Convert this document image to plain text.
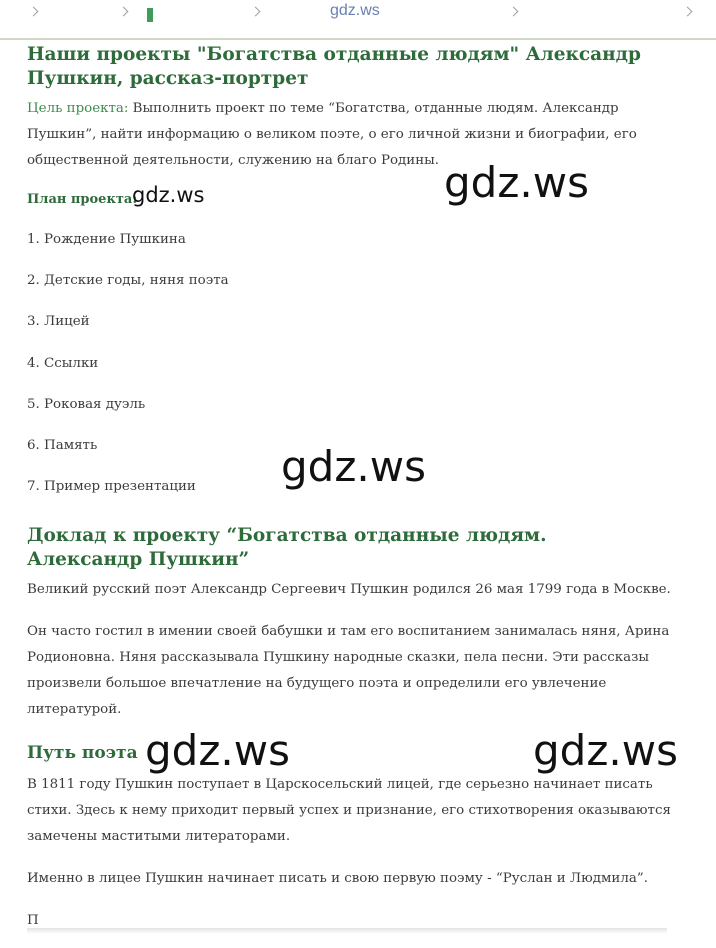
gdz.ws
Наши проекты "Богатства отданные людям" Александр Пушкин, рассказ-портрет

Цель проекта: Выполнить проект по теме “Богатства, отданные людям. Александр Пушкин”, найти информацию о великом поэте, о его личной жизни и биографии, его общественной деятельности, служению на благо Родины.

План проекта:
1. Рождение Пушкина
2. Детские годы, няня поэта
3. Лицей
4. Ссылки
5. Роковая дуэль
6. Память
7. Пример презентации
Доклад к проекту “Богатства отданные людям. Александр Пушкин”

Великий русский поэт Александр Сергеевич Пушкин родился 26 мая 1799 года в Москве.

Он часто гостил в имении своей бабушки и там его воспитанием занималась няня, Арина Родионовна. Няня рассказывала Пушкину народные сказки, пела песни. Эти рассказы произвели большое впечатление на будущего поэта и определили его увлечение литературой.

Путь поэта

В 1811 году Пушкин поступает в Царскосельский лицей, где серьезно начинает писать стихи. Здесь к нему приходит первый успех и признание, его стихотворения оказываются замечены маститыми литераторами.

Именно в лицее Пушкин начинает писать и свою первую поэму - “Руслан и Людмила”.

П

gdz.ws	gdz.ws
gdz.ws
gdz.ws	gdz.ws
